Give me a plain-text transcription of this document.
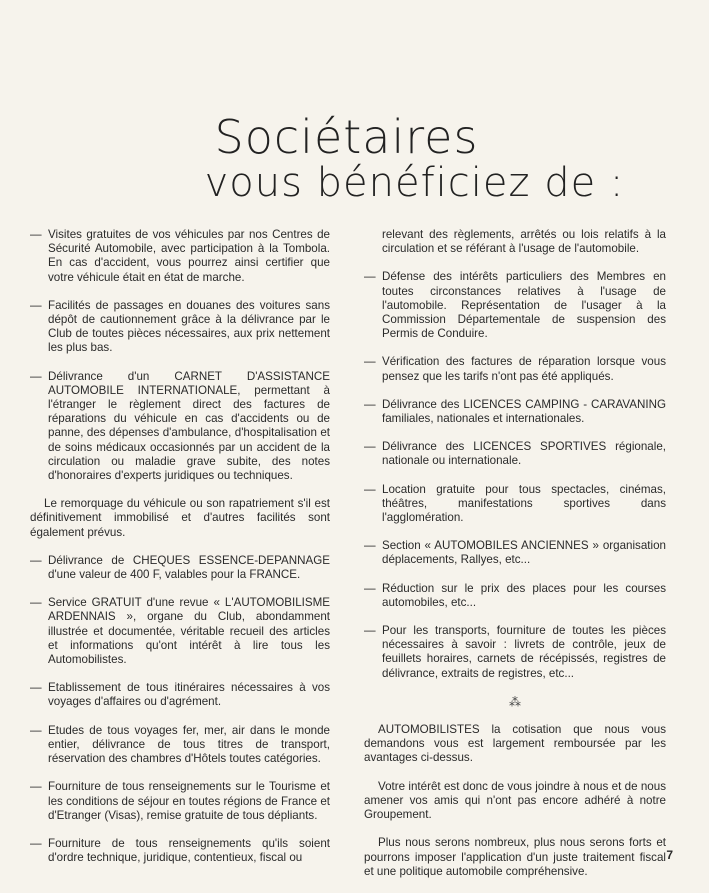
Sociétaires
vous bénéficiez de :
— Visites gratuites de vos véhicules par nos Centres de Sécurité Automobile, avec participation à la Tombola. En cas d'accident, vous pourrez ainsi certifier que votre véhicule était en état de marche.
— Facilités de passages en douanes des voitures sans dépôt de cautionnement grâce à la délivrance par le Club de toutes pièces nécessaires, aux prix nettement les plus bas.
— Délivrance d'un CARNET D'ASSISTANCE AUTOMOBILE INTERNATIONALE, permettant à l'étranger le règlement direct des factures de réparations du véhicule en cas d'accidents ou de panne, des dépenses d'ambulance, d'hospitalisation et de soins médicaux occasionnés par un accident de la circulation ou maladie grave subite, des notes d'honoraires d'experts juridiques ou techniques.
Le remorquage du véhicule ou son rapatriement s'il est définitivement immobilisé et d'autres facilités sont également prévus.
— Délivrance de CHEQUES ESSENCE-DEPANNAGE d'une valeur de 400 F, valables pour la FRANCE.
— Service GRATUIT d'une revue « L'AUTOMOBILISME ARDENNAIS », organe du Club, abondamment illustrée et documentée, véritable recueil des articles et informations qu'ont intérêt à lire tous les Automobilistes.
— Etablissement de tous itinéraires nécessaires à vos voyages d'affaires ou d'agrément.
— Etudes de tous voyages fer, mer, air dans le monde entier, délivrance de tous titres de transport, réservation des chambres d'Hôtels toutes catégories.
— Fourniture de tous renseignements sur le Tourisme et les conditions de séjour en toutes régions de France et d'Etranger (Visas), remise gratuite de tous dépliants.
— Fourniture de tous renseignements qu'ils soient d'ordre technique, juridique, contentieux, fiscal ou
relevant des règlements, arrêtés ou lois relatifs à la circulation et se référant à l'usage de l'automobile.
— Défense des intérêts particuliers des Membres en toutes circonstances relatives à l'usage de l'automobile. Représentation de l'usager à la Commission Départementale de suspension des Permis de Conduire.
— Vérification des factures de réparation lorsque vous pensez que les tarifs n'ont pas été appliqués.
— Délivrance des LICENCES CAMPING - CARAVANING familiales, nationales et internationales.
— Délivrance des LICENCES SPORTIVES régionale, nationale ou internationale.
— Location gratuite pour tous spectacles, cinémas, théâtres, manifestations sportives dans l'agglomération.
— Section « AUTOMOBILES ANCIENNES » organisation déplacements, Rallyes, etc...
— Réduction sur le prix des places pour les courses automobiles, etc...
— Pour les transports, fourniture de toutes les pièces nécessaires à savoir : livrets de contrôle, jeux de feuillets horaires, carnets de récépissés, registres de délivrance, extraits de registres, etc...
⁂
AUTOMOBILISTES la cotisation que nous vous demandons vous est largement remboursée par les avantages ci-dessus.
Votre intérêt est donc de vous joindre à nous et de nous amener vos amis qui n'ont pas encore adhéré à notre Groupement.
Plus nous serons nombreux, plus nous serons forts et pourrons imposer l'application d'un juste traitement fiscal et une politique automobile compréhensive.
7
